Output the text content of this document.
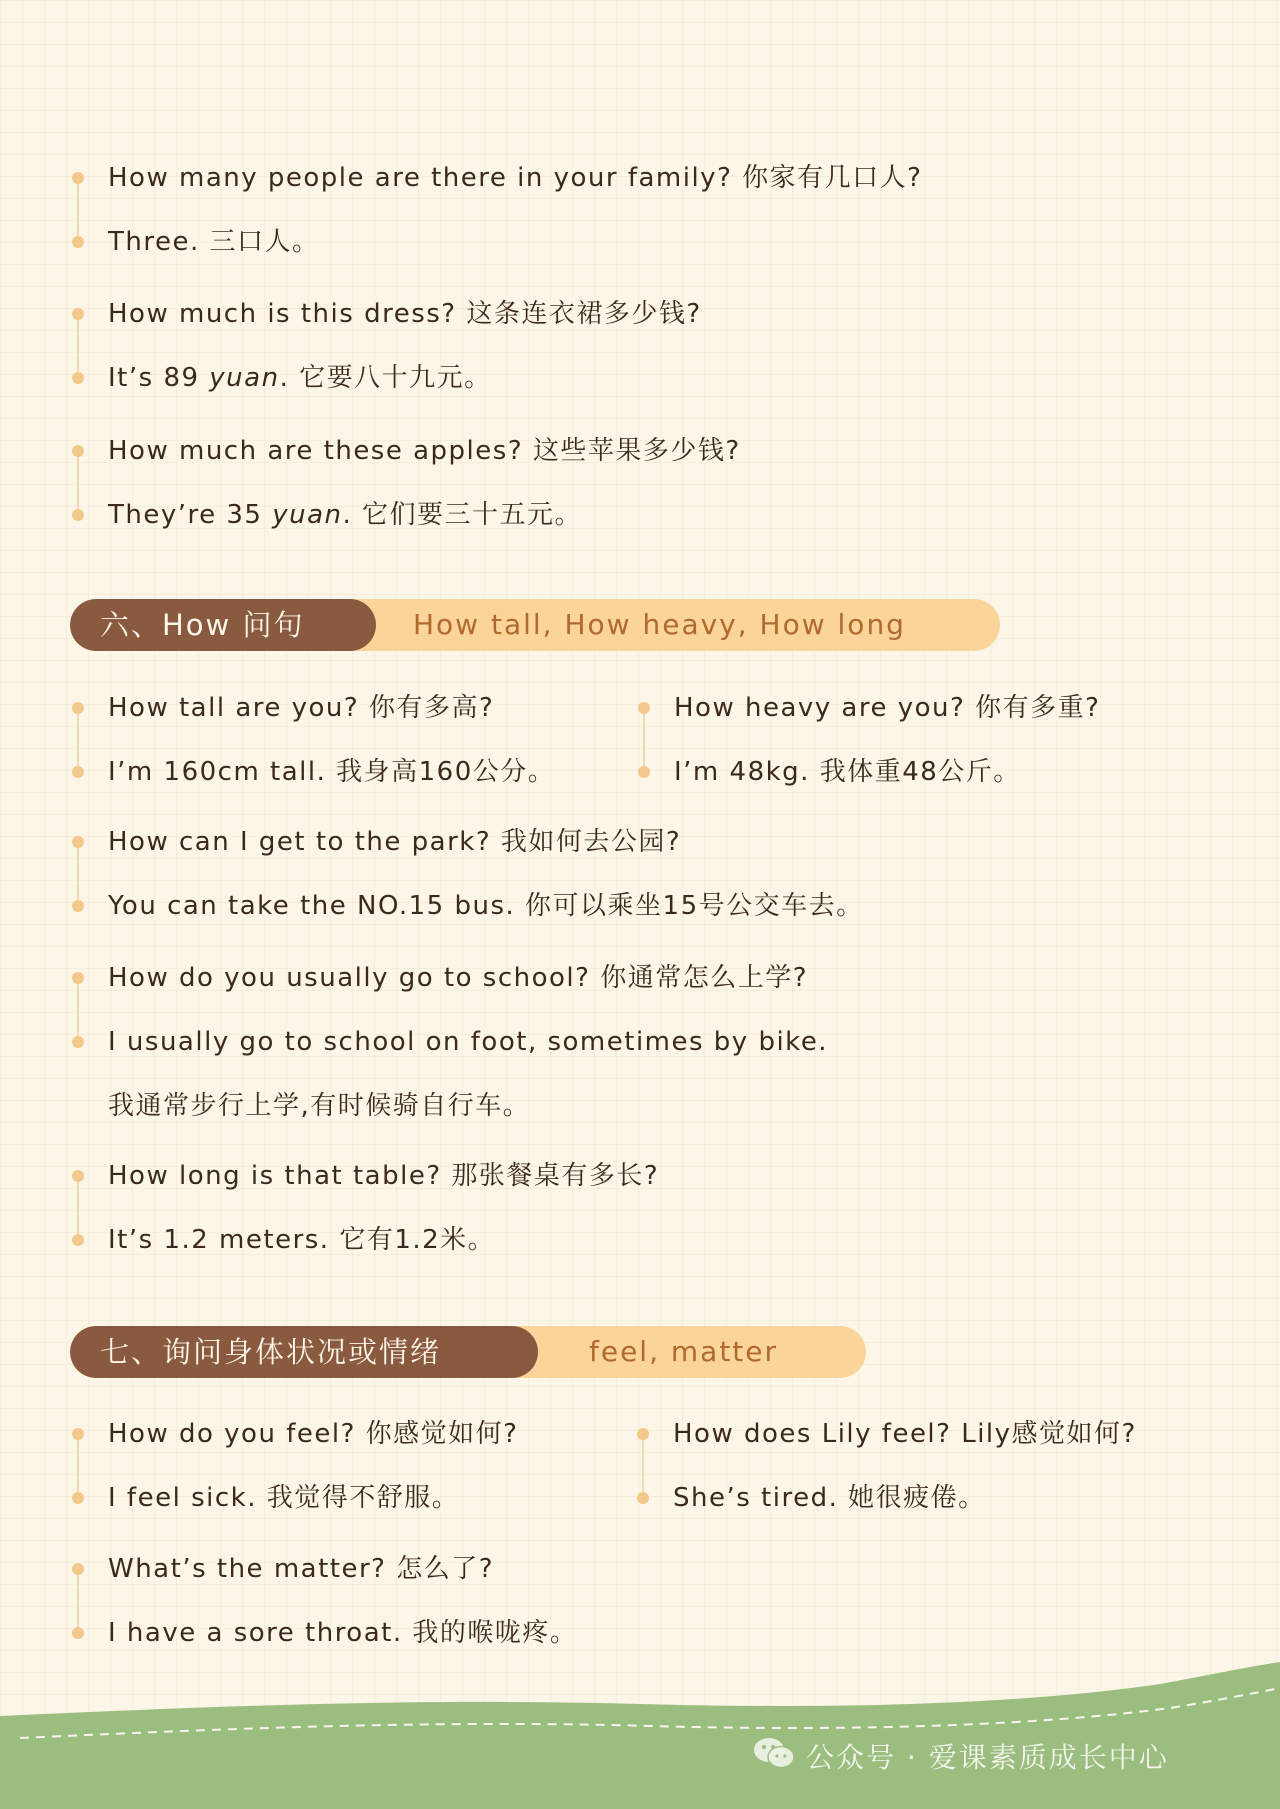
How many people are there in your family? 你家有几口人?
Three. 三口人。
How much is this dress? 这条连衣裙多少钱?
It’s 89 yuan. 它要八十九元。
How much are these apples? 这些苹果多少钱?
They’re 35 yuan. 它们要三十五元。
六、How 问句	How tall, How heavy, How long
How tall are you? 你有多高?
I’m 160cm tall. 我身高160公分。
How heavy are you? 你有多重?
I’m 48kg. 我体重48公斤。
How can I get to the park? 我如何去公园?
You can take the NO.15 bus. 你可以乘坐15号公交车去。
How do you usually go to school? 你通常怎么上学?
I usually go to school on foot, sometimes by bike.
我通常步行上学,有时候骑自行车。
How long is that table? 那张餐桌有多长?
It’s 1.2 meters. 它有1.2米。
七、询问身体状况或情绪	feel, matter
How do you feel? 你感觉如何?
I feel sick. 我觉得不舒服。
How does Lily feel? Lily感觉如何?
She’s tired. 她很疲倦。
What’s the matter? 怎么了?
I have a sore throat. 我的喉咙疼。
公众号 · 爱课素质成长中心
